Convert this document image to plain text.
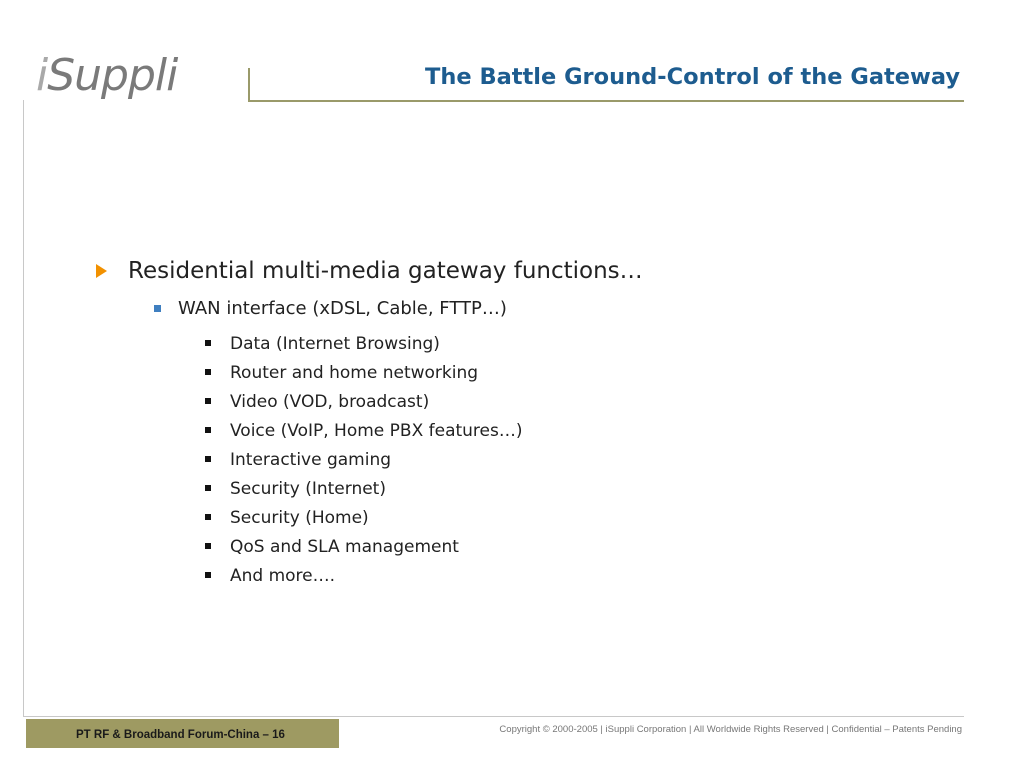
iSuppli	The Battle Ground-Control of the Gateway
Residential multi-media gateway functions…
WAN interface (xDSL, Cable, FTTP…)
Data (Internet Browsing)
Router and home networking
Video (VOD, broadcast)
Voice (VoIP, Home PBX features…)
Interactive gaming
Security (Internet)
Security (Home)
QoS and SLA management
And more….
PT RF & Broadband Forum-China – 16	Copyright © 2000-2005 | iSuppli Corporation | All Worldwide Rights Reserved | Confidential – Patents Pending
